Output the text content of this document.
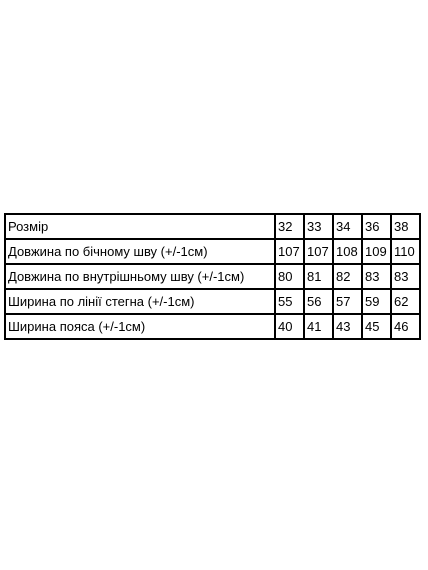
Розмір	32	33	34	36	38
Довжина по бічному шву (+/-1см)	107	107	108	109	110
Довжина по внутрішньому шву (+/-1см)	80	81	82	83	83
Ширина по лінії стегна (+/-1см)	55	56	57	59	62
Ширина пояса (+/-1см)	40	41	43	45	46
